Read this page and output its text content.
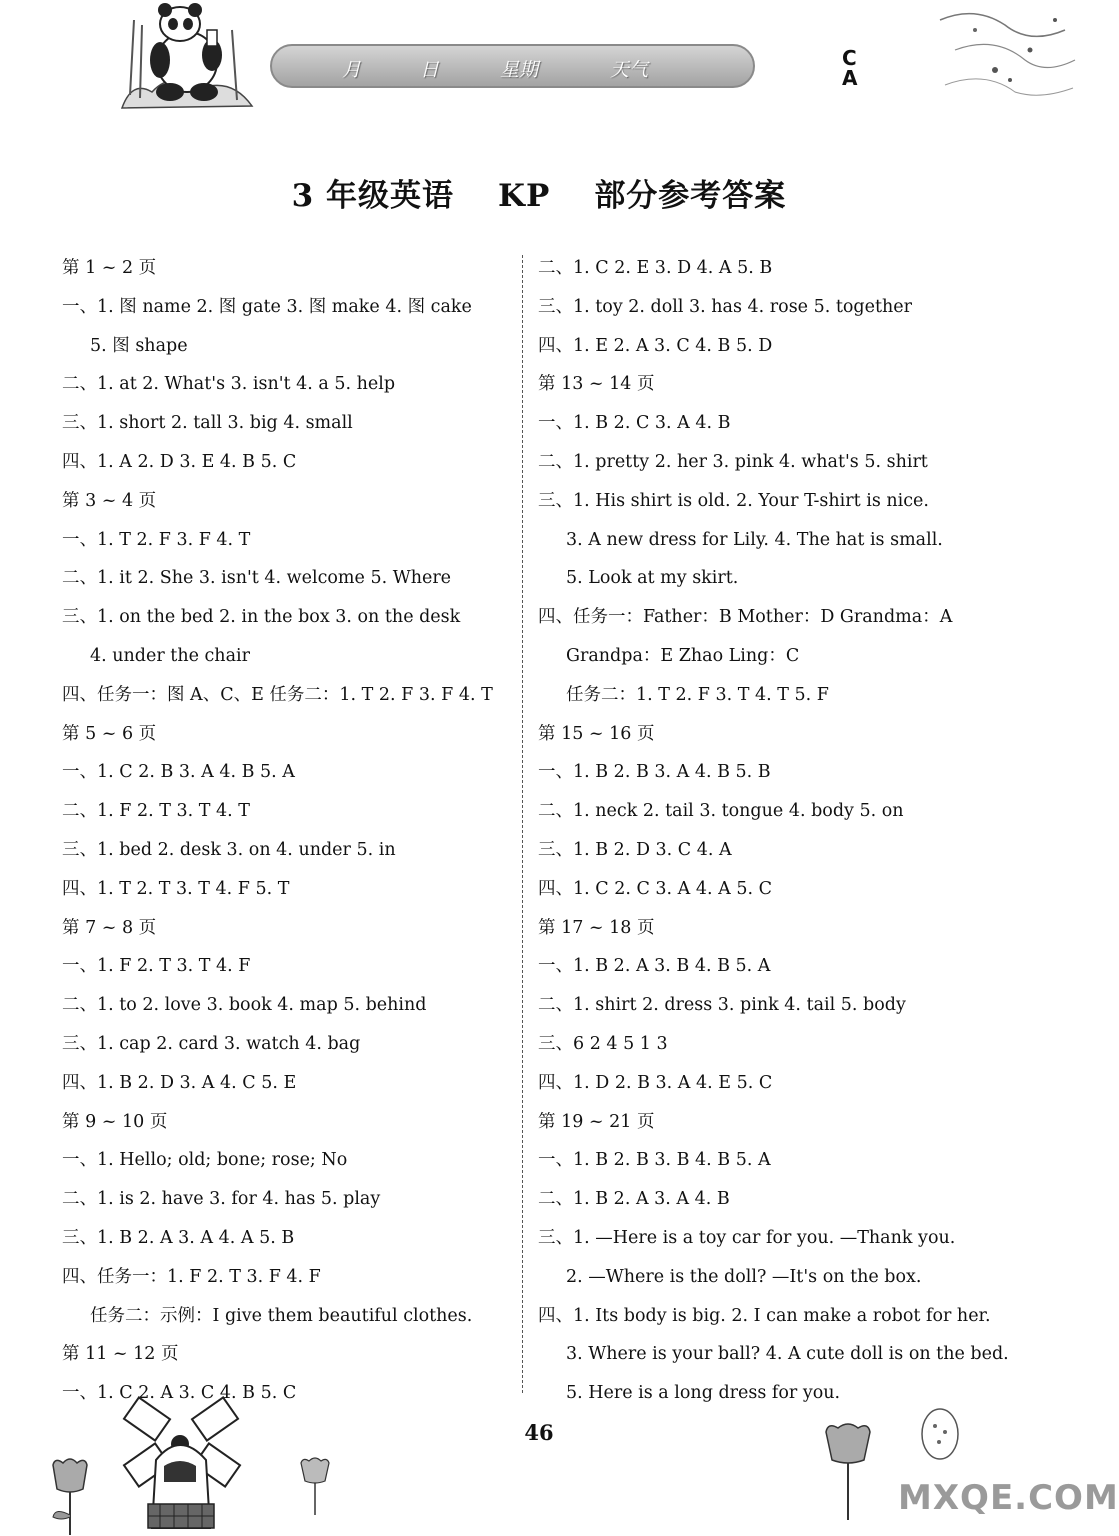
月	日	星期	天气	C
A
3 年级英语 KP 部分参考答案
第 1 ~ 2 页
一、1. 图 name 2. 图 gate 3. 图 make 4. 图 cake
5. 图 shape
二、1. at 2. What's 3. isn't 4. a 5. help
三、1. short 2. tall 3. big 4. small
四、1. A 2. D 3. E 4. B 5. C
第 3 ~ 4 页
一、1. T 2. F 3. F 4. T
二、1. it 2. She 3. isn't 4. welcome 5. Where
三、1. on the bed 2. in the box 3. on the desk
4. under the chair
四、任务一：图 A、C、E 任务二：1. T 2. F 3. F 4. T
第 5 ~ 6 页
一、1. C 2. B 3. A 4. B 5. A
二、1. F 2. T 3. T 4. T
三、1. bed 2. desk 3. on 4. under 5. in
四、1. T 2. T 3. T 4. F 5. T
第 7 ~ 8 页
一、1. F 2. T 3. T 4. F
二、1. to 2. love 3. book 4. map 5. behind
三、1. cap 2. card 3. watch 4. bag
四、1. B 2. D 3. A 4. C 5. E
第 9 ~ 10 页
一、1. Hello; old; bone; rose; No
二、1. is 2. have 3. for 4. has 5. play
三、1. B 2. A 3. A 4. A 5. B
四、任务一：1. F 2. T 3. F 4. F
任务二：示例：I give them beautiful clothes.
第 11 ~ 12 页
一、1. C 2. A 3. C 4. B 5. C
二、1. C 2. E 3. D 4. A 5. B
三、1. toy 2. doll 3. has 4. rose 5. together
四、1. E 2. A 3. C 4. B 5. D
第 13 ~ 14 页
一、1. B 2. C 3. A 4. B
二、1. pretty 2. her 3. pink 4. what's 5. shirt
三、1. His shirt is old. 2. Your T-shirt is nice.
3. A new dress for Lily. 4. The hat is small.
5. Look at my skirt.
四、任务一：Father：B Mother：D Grandma：A
Grandpa：E Zhao Ling：C
任务二：1. T 2. F 3. T 4. T 5. F
第 15 ~ 16 页
一、1. B 2. B 3. A 4. B 5. B
二、1. neck 2. tail 3. tongue 4. body 5. on
三、1. B 2. D 3. C 4. A
四、1. C 2. C 3. A 4. A 5. C
第 17 ~ 18 页
一、1. B 2. A 3. B 4. B 5. A
二、1. shirt 2. dress 3. pink 4. tail 5. body
三、6 2 4 5 1 3
四、1. D 2. B 3. A 4. E 5. C
第 19 ~ 21 页
一、1. B 2. B 3. B 4. B 5. A
二、1. B 2. A 3. A 4. B
三、1. —Here is a toy car for you. —Thank you.
2. —Where is the doll? —It's on the box.
四、1. Its body is big. 2. I can make a robot for her.
3. Where is your ball? 4. A cute doll is on the bed.
5. Here is a long dress for you.
46
MXQE.COM
